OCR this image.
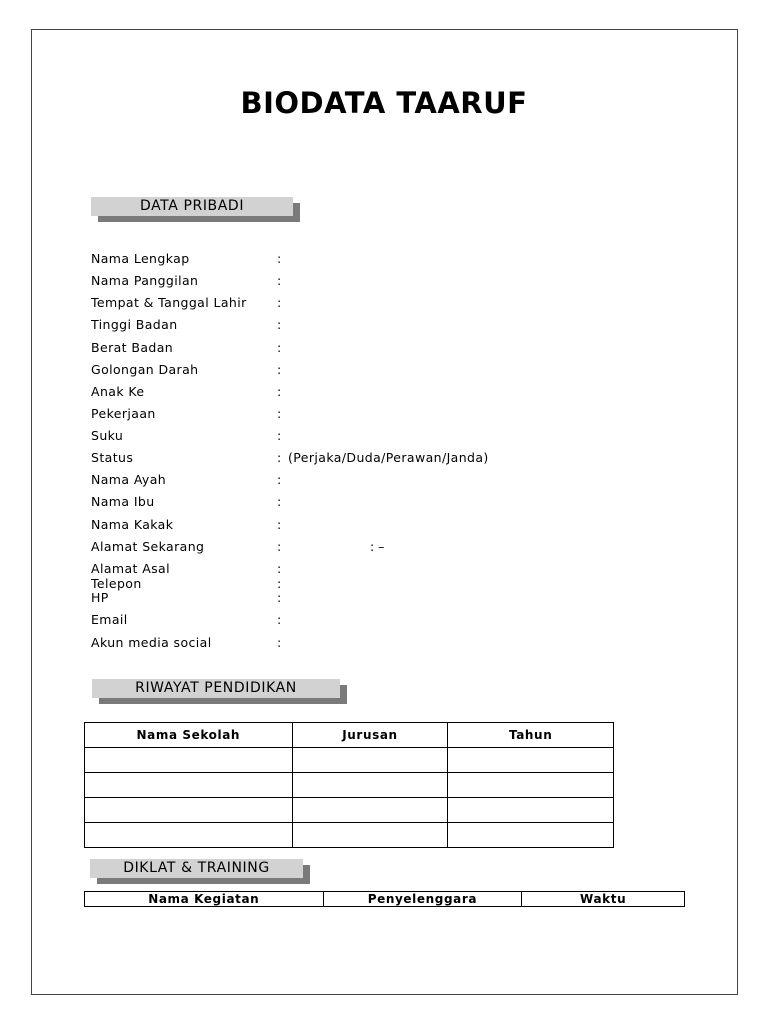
BIODATA TAARUF
DATA PRIBADI
Nama Lengkap	:
Nama Panggilan	:
Tempat & Tanggal Lahir :
Tinggi Badan	:
Berat Badan	:
Golongan Darah	:
Anak Ke	:
Pekerjaan	:
Suku	:
Status	: (Perjaka/Duda/Perawan/Janda)
Nama Ayah	:
Nama Ibu	:
Nama Kakak	:
Alamat Sekarang	:	: –
Alamat Asal	:
Telepon	:
HP	:
Email	:
Akun media social	:
RIWAYAT PENDIDIKAN
Nama Sekolah	Jurusan	Tahun

DIKLAT & TRAINING
Nama Kegiatan	Penyelenggara	Waktu
